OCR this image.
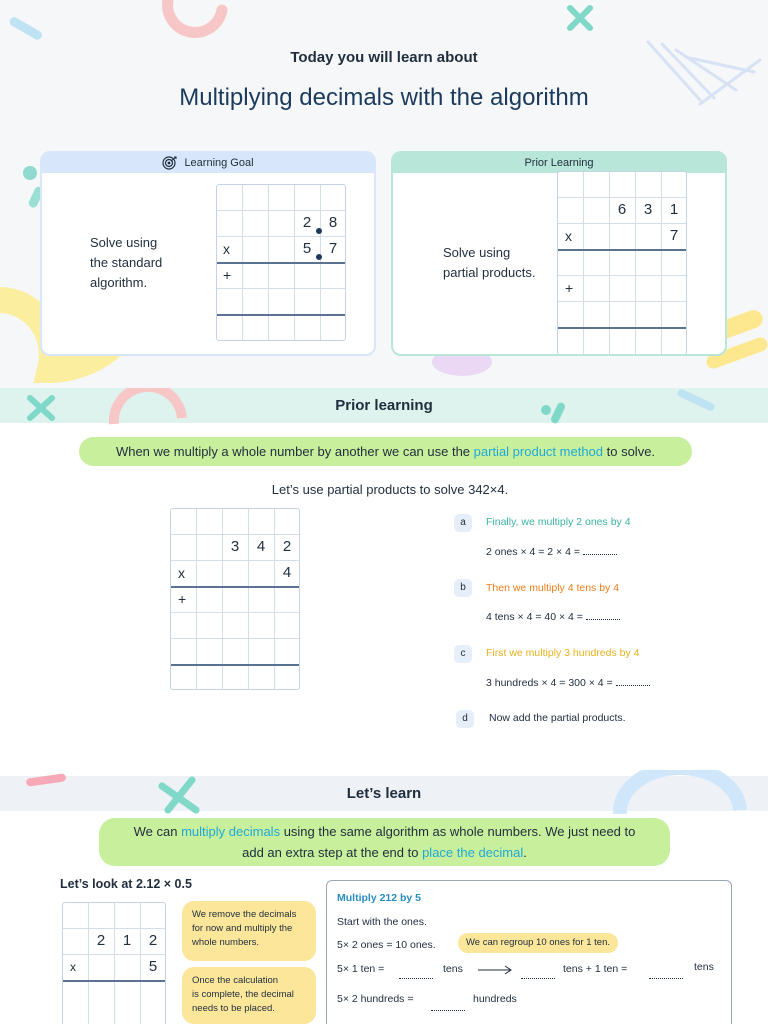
Today you will learn about
Multiplying decimals with the algorithm
Learning Goal
Solve using
the standard
algorithm.
2	8
x	5	7
+
Prior Learning
Solve using
partial products.
6	3	1
x	7
+
Prior learning
When we multiply a whole number by another we can use the partial product method to solve.
Let’s use partial products to solve 342×4.
3	4	2
x	4
+
a	Finally, we multiply 2 ones by 4
2 ones × 4 = 2 × 4 =
b	Then we multiply 4 tens by 4
4 tens × 4 = 40 × 4 =
c	First we multiply 3 hundreds by 4
3 hundreds × 4 = 300 × 4 =
d	Now add the partial products.
Let’s learn
We can multiply decimals using the same algorithm as whole numbers. We just need to
add an extra step at the end to place the decimal.
Let’s look at 2.12 × 0.5
2	1	2
x	5
We remove the decimals
for now and multiply the
whole numbers.
Once the calculation
is complete, the decimal
needs to be placed.
Multiply 212 by 5
Start with the ones.
5× 2 ones = 10 ones.	We can regroup 10 ones for 1 ten.
5× 1 ten =	tens	tens + 1 ten =	tens
5× 2 hundreds =	hundreds
